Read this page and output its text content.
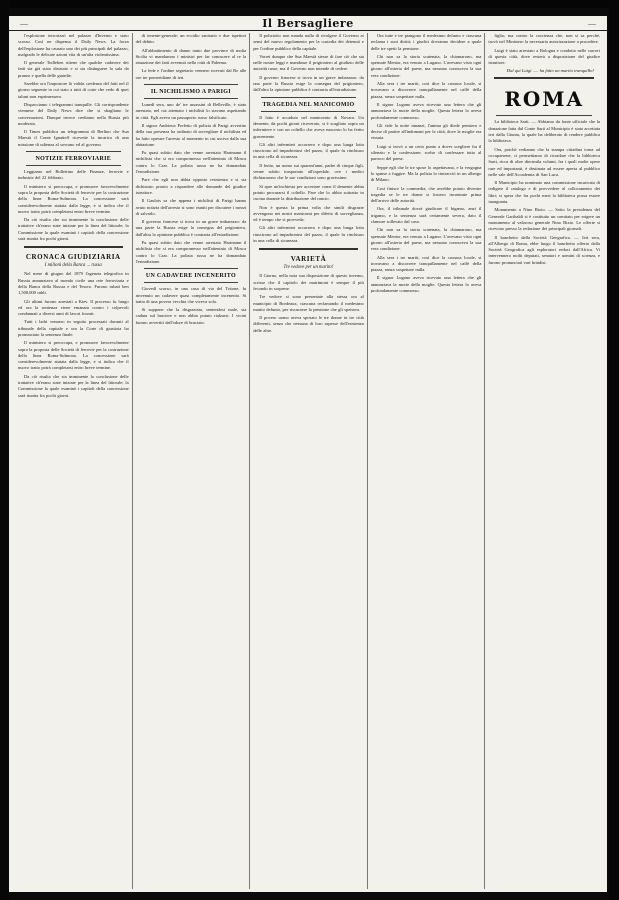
—	Il Bersagliere	—

l'esplosione terrorizzò nel palazzo d'Inverno e stato scosso. Così ne dispensa il Daily News. La forza dell'esplosione ha causato uno dei più principali del palazzo, malgrado le delicate azioni vita di un'alta violentissima.

Il generale Todleben ritiene che qualche cadavere dei fatti sia già stato distrutto e si sia distinguere la sala da pranzo e quella delle guardie.

Sarebbe ora l'impostore là valida credenza del fatti nel il giorno seguente in cui stato a tutti di corte che vedo di quei taluni non esprimessero.

Dispacciamo i telegrammi tranquille. Gli corrispondente viennese del Daily News dice che si sbagliano le conversazioni. Dunque invece crediamo nella Russia più moderata.

Il Times pubblica un telegramma di Berlino che Sua Maestà il Conte Ignatieff ricevette la incarico di una missione di udienza al sovrano ed al governo.

NOTIZIE FERROVIARIE

Leggiamo nel Bollettino delle Finanze, ferrovie e industrie del 22 febbraio.

Il ministero si preoccupa, e promuove favorevolmente sopra la proposta delle Società di ferrovie per la costruzione della linea Roma-Sulmona. La concessione sarà considerevolmente aiutata dalla legge, e si indica che il nuovo tratto potrà completarsi entro breve termine.

Da ciò risulta che sia imminente la conclusione delle trattative ch'erano state iniziate per la linea del littorale; la Commissione la quale esaminò i capitoli della concessione sarà riunita fra pochi giorni.

CRONACA GIUDIZIARIA
I milioni della Banca ... russa

Nel mese di giugno del 1879 l'agenzia telegrafica in Russia annunziava al mondo civile una rete ferroviaria e della Banca della Russia e del Tesoro. Furono rubati ben 1,500,000 rubli.

Gli ultimi furono arrestati a Kiev. Il processo fu lungo ed ora la sentenza viene emanata contro i colpevoli condannati a diversi anni di lavori forzati.

Tutti i ladri vennero in seguito processati davanti al tribunale della capitale e ora la Corte di giustizia ha pronunciato la sentenza finale.

Il ministero si preoccupa, e promuove favorevolmente sopra la proposta delle Società di ferrovie per la costruzione della linea Roma-Sulmona. La concessione sarà considerevolmente aiutata dalla legge, e si indica che il nuovo tratto potrà completarsi entro breve termine.

Da ciò risulta che sia imminente la conclusione delle trattative ch'erano state iniziate per la linea del littorale; la Commissione la quale esaminò i capitoli della concessione sarà riunita fra pochi giorni.

di tenente-generale; un eccidio sanitario e due ispettori del debito.

All'abbattimento di danno tanto due province di molta Sicilia vi mandarono i ministri per far conoscere al re la situazione dei fatti avvenuti nella città di Palermo.

La fede e l'ordine segretario vennero ricevuti dal Re alle ore tre pomeridiane di ieri.

IL NICHILISMO A PARIGI

Lunedì sera, uno de' tre assassini di Belleville, è stato arrestato, nel cui attentato i nichilisti lo stavano aspettando in città. Egli aveva un passaporto russo falsificato.

Il signor Andrieux Prefetto di polizia di Parigi avvertito della sua presenza ha ordinato di sorvegliare il nichilista ed ha fatto operare l'arresto al momento in cui usciva dalla sua abitazione.

Fu quasi subito dato che venne arrestato Hartmann il nichilista che si era compromesso nell'attentato di Mosca contro lo Czar. La polizia russa ne ha domandato l'estradizione.

Pare che egli non abbia opposto resistenza e si sia dichiarato pronto a rispondere alle domande del giudice istruttore.

Il Gaulois sa che appena i nichilisti di Parigi hanno avuto notizia dell'arresto si sono riuniti per discutere i mezzi di salvarlo.

Il governo francese si trova in un grave imbarazzo: da una parte la Russia esige la consegna del prigioniero, dall'altra la opinione pubblica è contraria all'estradizione.

Fu quasi subito dato che venne arrestato Hartmann il nichilista che si era compromesso nell'attentato di Mosca contro lo Czar. La polizia russa ne ha domandato l'estradizione.

UN CADAVERE INCENERITO

Giovedì scorso, in una casa di via del Tritone, fu rinvenuto un cadavere quasi completamente incenerito. Si tratta di una povera vecchia che viveva sola.

Si suppone che la disgraziata, sentendosi male, sia caduta sul braciere e non abbia potuto rialzarsi. I vicini furono avvertiti dall'odore di bruciato.

Il poliziotto non manda nulla di rivolgere il Governo ai sensi del nuovo regolamento per la custodia dei detenuti e per l'ordine pubblico della capitale.

Vorrei dunque che Sua Maestà stesse di fare ciò che sta nelle nostre leggi e mandasse il prigioniero al giudizio delle autorità russe, ma il Governo non intende di cedere.

Il governo francese si trova in un grave imbarazzo: da una parte la Russia esige la consegna del prigioniero, dall'altra la opinione pubblica è contraria all'estradizione.

TRAGEDIA NEL MANICOMIO

Il fatto è accaduto nel manicomio di Novara. Un demente, da pochi giorni ricoverato, si è scagliato sopra un infermiere e con un coltello che aveva nascosto lo ha ferito gravemente.

Gli altri infermieri accorsero e dopo una lunga lotta riuscirono ad impadronirsi del pazzo, il quale fu rinchiuso in una cella di sicurezza.

Il ferito, un uomo sui quarant'anni, padre di cinque figli, venne subito trasportato all'ospedale, ove i medici dichiararono che le sue condizioni sono gravissime.

Si apre un'inchiesta per accertare come il demente abbia potuto procurarsi il coltello. Pare che lo abbia sottratto in cucina durante la distribuzione del rancio.

Non è questa la prima volta che simili disgrazie avvengono nei nostri manicomi per difetto di sorveglianza, ed è tempo che si provveda.

Gli altri infermieri accorsero e dopo una lunga lotta riuscirono ad impadronirsi del pazzo, il quale fu rinchiuso in una cella di sicurezza.

VARIETÀ
Tre vedove per un marito!

Il Giorno, nella nota sua disposizione di questo inverno, scrisse che il capitolo dei matrimoni è sempre il più fecondo in sorprese.

Tre vedove si sono presentate alla stessa ora al municipio di Bordeaux, ciascuna reclamando il medesimo marito defunto, per riscuotere la pensione che gli spettava.

Il povero uomo aveva sposato le tre donne in tre città differenti, senza che nessuna di loro sapesse dell'esistenza delle altre.

Ora tutte e tre piangono il medesimo defunto e ciascuna reclama i suoi diritti; i giudici dovranno decidere a quale delle tre spetti la pensione.

Chi non sa la storia scatenata, la chiamarono, ma spensate Mentor, era venuto a Lugano. L'avevano visto ogni giorno all'osteria del paese, ma nessuno conosceva la sua vera condizione.

Alla sera i tre mariti, così dice la cronaca locale, si trovavano a discorrere tranquillamente nel caffè della piazza, senza sospettare nulla.

Il signor Lugano aveva ricevuto una lettera che gli annunziava la morte della moglie. Questa lettera lo aveva profondamente commosso.

Gli vide la notte innanzi, l'anima gli diede pensiero e decise di partire all'indomani per la città, dove la moglie era vissuta.

Luigi si trovò a un certo punto a dover scegliere fra il silenzio e la confessione; scelse di confessare tutto al parroco del paese.

Seppe egli che le tre spose lo aspettavano, e la vergogna lo spinse a fuggire. Ma la polizia lo rintracciò in un albergo di Milano.

Così finisce la commedia, che avrebbe potuto divenire tragedia se le tre donne si fossero incontrate prima dell'arrivo delle autorità.

Ora, il tribunale dovrà giudicare il bigamo, anzi il trigamo, e la sentenza sarà certamente severa, dato il clamore sollevato dal caso.

Chi non sa la storia scatenata, la chiamarono, ma spensate Mentor, era venuto a Lugano. L'avevano visto ogni giorno all'osteria del paese, ma nessuno conosceva la sua vera condizione.

Alla sera i tre mariti, così dice la cronaca locale, si trovavano a discorrere tranquillamente nel caffè della piazza, senza sospettare nulla.

Il signor Lugano aveva ricevuto una lettera che gli annunziava la morte della moglie. Questa lettera lo aveva profondamente commosso.

figlio; ma contro la coscienza che, non si sa perché, trovò nel Ministero la necessaria autorizzazione a procedere.

Luigi è stato arrestato a Bologna e condotto nelle carceri di questa città, dove resterà a disposizione del giudice istruttore.

Dal qui Luigi ..... ha fatto un marito tranquillo!
ROMA

La biblioteca Sarti. — Abbiamo da fonte ufficiale che la donazione fatta dal Conte Sarti al Municipio è stata accettata ieri dalla Giunta, la quale ha deliberato di rendere pubblica la biblioteca.

Ora, poichè vedianno che la stampa cittadina torna ad occuparsene, ci permettiamo di ricordare che la biblioteca Sarti, ricca di oltre diecimila volumi, fra i quali molte opere rare ed importanti, è destinata ad essere aperta al pubblico nelle sale dell'Accademia di San Luca.

Il Municipio ha nominato una commissione incaricata di redigere il catalogo e di provvedere al collocamento dei libri; si spera che fra pochi mesi la biblioteca possa essere inaugurata.

Monumento a Nino Bixio. — Sotto la presidenza del Generale Garibaldi si è costituito un comitato per erigere un monumento al valoroso generale Nino Bixio. Le offerte si ricevono presso la redazione dei principali giornali.

Il banchetto della Società Geografica. — Ieri sera, all'Albergo di Roma, ebbe luogo il banchetto offerto dalla Società Geografica agli esploratori reduci dall'Africa. Vi intervennero molti deputati, senatori e uomini di scienza, e furono pronunciati vari brindisi.
